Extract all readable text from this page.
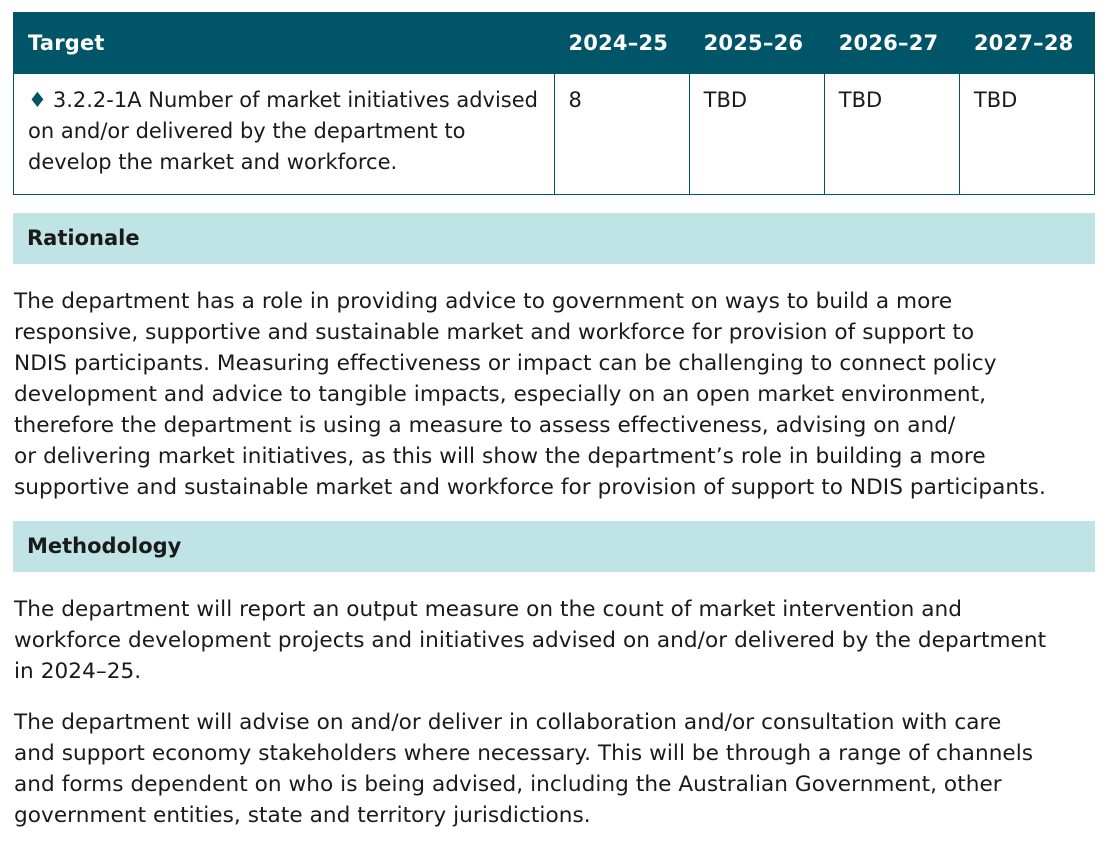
Target	2024–25	2025–26	2026–27	2027–28
♦ 3.2.2-1A Number of market initiatives advised on and/or delivered by the department to develop the market and workforce.	8	TBD	TBD	TBD
Rationale

The department has a role in providing advice to government on ways to build a more
responsive, supportive and sustainable market and workforce for provision of support to
NDIS participants. Measuring effectiveness or impact can be challenging to connect policy
development and advice to tangible impacts, especially on an open market environment,
therefore the department is using a measure to assess effectiveness, advising on and/
or delivering market initiatives, as this will show the department’s role in building a more
supportive and sustainable market and workforce for provision of support to NDIS participants.

Methodology

The department will report an output measure on the count of market intervention and
workforce development projects and initiatives advised on and/or delivered by the department
in 2024–25.

The department will advise on and/or deliver in collaboration and/or consultation with care
and support economy stakeholders where necessary. This will be through a range of channels
and forms dependent on who is being advised, including the Australian Government, other
government entities, state and territory jurisdictions.
